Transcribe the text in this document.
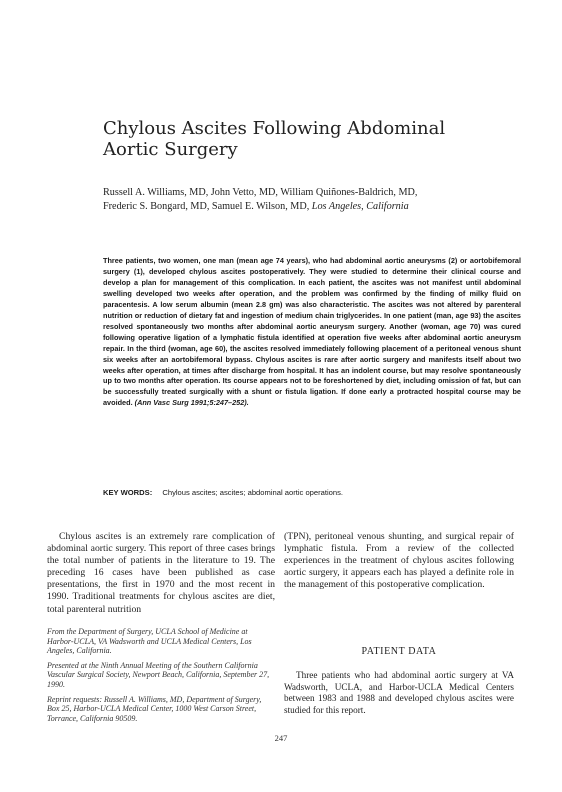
Chylous Ascites Following Abdominal Aortic Surgery
Russell A. Williams, MD, John Vetto, MD, William Quiñones-Baldrich, MD,
Frederic S. Bongard, MD, Samuel E. Wilson, MD, Los Angeles, California

Three patients, two women, one man (mean age 74 years), who had abdominal aortic aneurysms (2) or aortobifemoral surgery (1), developed chylous ascites postoperatively. They were studied to determine their clinical course and develop a plan for management of this complication. In each patient, the ascites was not manifest until abdominal swelling developed two weeks after operation, and the problem was confirmed by the finding of milky fluid on paracentesis. A low serum albumin (mean 2.8 gm) was also characteristic. The ascites was not altered by parenteral nutrition or reduction of dietary fat and ingestion of medium chain triglycerides. In one patient (man, age 93) the ascites resolved spontaneously two months after abdominal aortic aneurysm surgery. Another (woman, age 70) was cured following operative ligation of a lymphatic fistula identified at operation five weeks after abdominal aortic aneurysm repair. In the third (woman, age 60), the ascites resolved immediately following placement of a peritoneal venous shunt six weeks after an aortobifemoral bypass. Chylous ascites is rare after aortic surgery and manifests itself about two weeks after operation, at times after discharge from hospital. It has an indolent course, but may resolve spontaneously up to two months after operation. Its course appears not to be foreshortened by diet, including omission of fat, but can be successfully treated surgically with a shunt or fistula ligation. If done early a protracted hospital course may be avoided. (Ann Vasc Surg 1991;5:247–252).

KEY WORDS: Chylous ascites; ascites; abdominal aortic operations.

Chylous ascites is an extremely rare complication of abdominal aortic surgery. This report of three cases brings the total number of patients in the literature to 19. The preceding 16 cases have been published as case presentations, the first in 1970 and the most recent in 1990. Traditional treatments for chylous ascites are diet, total parenteral nutrition

(TPN), peritoneal venous shunting, and surgical repair of lymphatic fistula. From a review of the collected experiences in the treatment of chylous ascites following aortic surgery, it appears each has played a definite role in the management of this postoperative complication.

From the Department of Surgery, UCLA School of Medicine at Harbor-UCLA, VA Wadsworth and UCLA Medical Centers, Los Angeles, California.

Presented at the Ninth Annual Meeting of the Southern California Vascular Surgical Society, Newport Beach, California, September 27, 1990.

Reprint requests: Russell A. Williams, MD, Department of Surgery, Box 25, Harbor-UCLA Medical Center, 1000 West Carson Street, Torrance, California 90509.

PATIENT DATA

Three patients who had abdominal aortic surgery at VA Wadsworth, UCLA, and Harbor-UCLA Medical Centers between 1983 and 1988 and developed chylous ascites were studied for this report.

247
